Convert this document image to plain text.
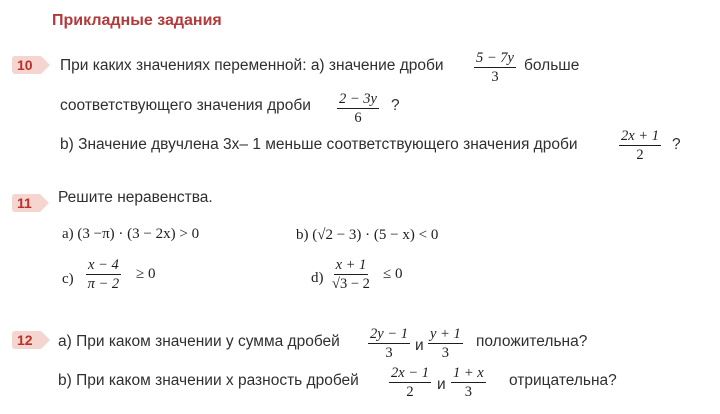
Прикладные задания
10	При каких значениях переменной: а) значение дроби $\frac{5 - 7y}{3}$ больше
соответствующего значения дроби $\frac{2 - 3y}{6}$ ?
b) Значение двучлена 3x– 1 меньше соответствующего значения дроби	$\frac{2x + 1}{2}$ ?
11	Решите неравенства.
a) (3 −π) · (3 − 2x) > 0	b) (√2 − 3) · (5 − x) < 0
$c) \frac{x - 4}{\pi - 2} \ge 0$	$d) \frac{x + 1}{√3 - 2} \le 0$
12	а) При каком значении y сумма дробей $\frac{2y - 1}{3}$ и $\frac{y + 1}{3}$ положительна?
b) При каком значении x разность дробей $\frac{2x - 1}{2}$ и $\frac{1 + x}{3}$ отрицательна?
